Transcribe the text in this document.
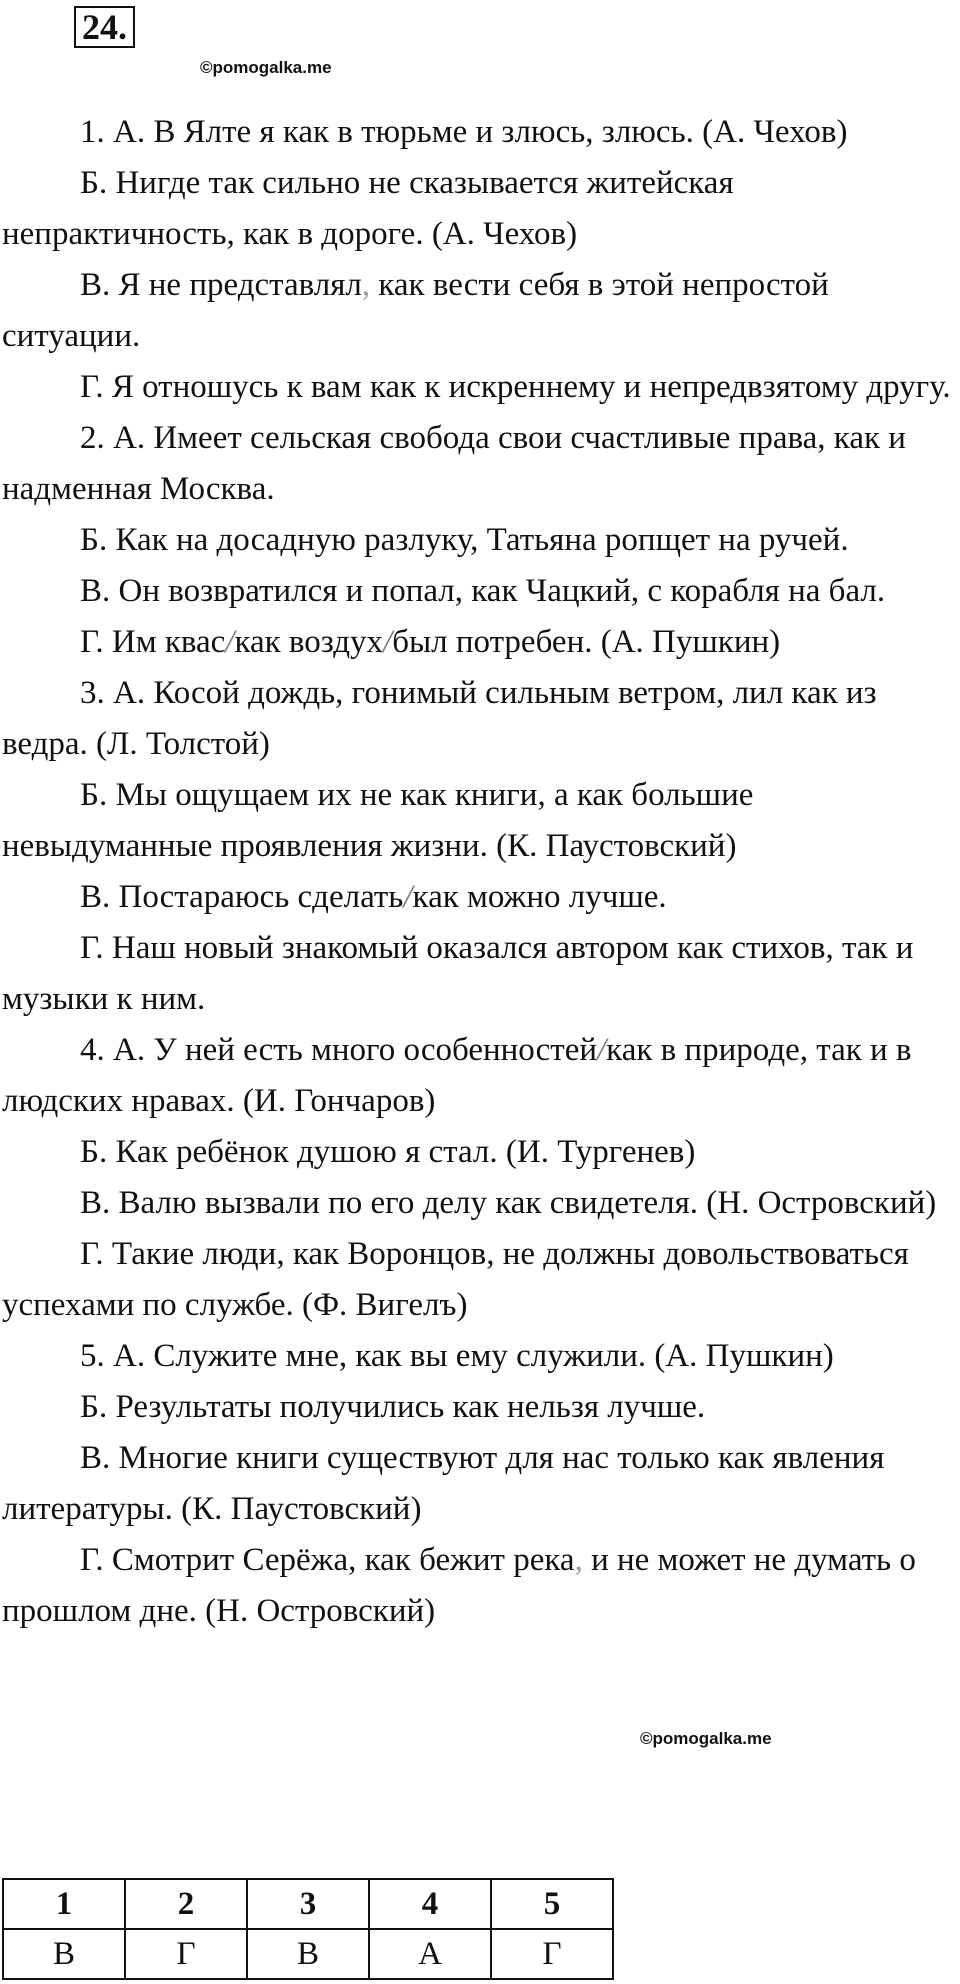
24.
©pomogalka.me
©pomogalka.me

1. А. В Ялте я как в тюрьме и злюсь, злюсь. (А. Чехов)

Б. Нигде так сильно не сказывается житейская непрактичность, как в дороге. (А. Чехов)

В. Я не представлял, как вести себя в этой непростой ситуации.

Г. Я отношусь к вам как к искреннему и непредвзятому другу.

2. А. Имеет сельская свобода свои счастливые права, как и надменная Москва.

Б. Как на досадную разлуку, Татьяна ропщет на ручей.

В. Он возвратился и попал, как Чацкий, с корабля на бал.

Г. Им квас/как воздух/был потребен. (А. Пушкин)

3. А. Косой дождь, гонимый сильным ветром, лил как из ведра. (Л. Толстой)

Б. Мы ощущаем их не как книги, а как большие невыдуманные проявления жизни. (К. Паустовский)

В. Постараюсь сделать/как можно лучше.

Г. Наш новый знакомый оказался автором как стихов, так и музыки к ним.

4. А. У ней есть много особенностей/как в природе, так и в людских нравах. (И. Гончаров)

Б. Как ребёнок душою я стал. (И. Тургенев)

В. Валю вызвали по его делу как свидетеля. (Н. Островский)

Г. Такие люди, как Воронцов, не должны довольствоваться успехами по службе. (Ф. Вигелъ)

5. А. Служите мне, как вы ему служили. (А. Пушкин)

Б. Результаты получились как нельзя лучше.

В. Многие книги существуют для нас только как явления литературы. (К. Паустовский)

Г. Смотрит Серёжа, как бежит река, и не может не думать о прошлом дне. (Н. Островский)

1	2	3	4	5
В	Г	В	А	Г
